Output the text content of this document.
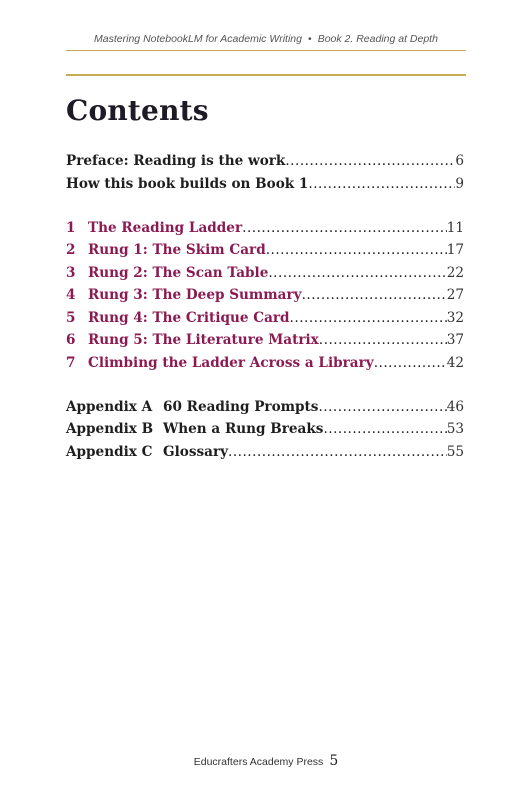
Mastering NotebookLM for Academic Writing • Book 2. Reading at Depth
Contents
Preface: Reading is the work .....	6
How this book builds on Book 1 .....	9
1 The Reading Ladder .....	11
2 Rung 1: The Skim Card .....	17
3 Rung 2: The Scan Table .....	22
4 Rung 3: The Deep Summary .....	27
5 Rung 4: The Critique Card .....	32
6 Rung 5: The Literature Matrix .....	37
7 Climbing the Ladder Across a Library .....	42
Appendix A 60 Reading Prompts .....	46
Appendix B When a Rung Breaks .....	53
Appendix C Glossary .....	55
Educrafters Academy Press 5
